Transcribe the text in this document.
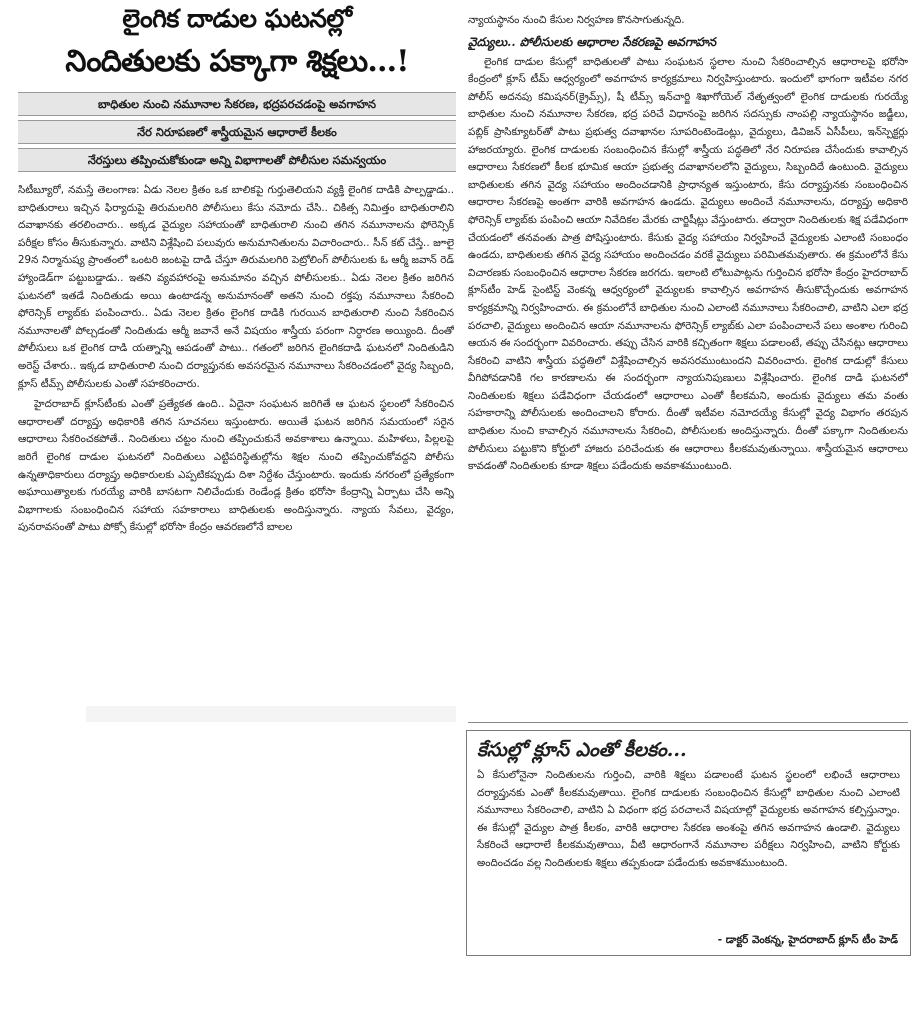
లైంగిక దాడుల ఘటనల్లో
నిందితులకు పక్కాగా శిక్షలు...!
బాధితుల నుంచి నమూనాల సేకరణ, భద్రపరచడంపై అవగాహన
నేర నిరూపణలో శాస్త్రీయమైన ఆధారాలే కీలకం
నేరస్తులు తప్పించుకోకుండా అన్ని విభాగాలతో పోలీసుల సమన్వయం

సిటీబ్యూరో, నమస్తే తెలంగాణ: ఏడు నెలల క్రితం ఒక బాలికపై గుర్తుతెలియని వ్యక్తి లైంగిక దాడికి పాల్పడ్డాడు.. బాధితురాలు ఇచ్చిన ఫిర్యాదుపై తిరుమలగిరి పోలీసులు కేసు నమోదు చేసి.. చికిత్స నిమిత్తం బాధితురాలిని దవాఖానకు తరలించారు.. అక్కడ వైద్యుల సహాయంతో బాధితురాలి నుంచి తగిన నమూనాలను ఫోరెన్సిక్ పరీక్షల కోసం తీసుకున్నారు. వాటిని విశ్లేషించి పలువురు అనుమానితులను విచారించారు.. సీన్ కట్ చేస్తే.. జూలై 29న నిర్మానుష్య ప్రాంతంలో ఒంటరి జంటపై దాడి చేస్తూ తిరుమలగిరి పెట్రోలింగ్ పోలీసులకు ఓ ఆర్మీ జవాన్ రెడ్ హ్యాండెడ్‌గా పట్టుబడ్డాడు.. ఇతని వ్యవహారంపై అనుమానం వచ్చిన పోలీసులకు.. ఏడు నెలల క్రితం జరిగిన ఘటనలో ఇతడే నిందితుడు అయి ఉంటాడన్న అనుమానంతో అతని నుంచి రక్తపు నమూనాలు సేకరించి ఫోరెన్సిక్ ల్యాబ్‌కు పంపించారు.. ఏడు నెలల క్రితం లైంగిక దాడికి గురయిన బాధితురాలి నుంచి సేకరించిన నమూనాలతో పోల్చడంతో నిందితుడు ఆర్మీ జవానే అనే విషయం శాస్త్రీయ పరంగా నిర్ధారణ అయ్యింది. దీంతో పోలీసులు ఒక లైంగిక దాడి యత్నాన్ని ఆపడంతో పాటు.. గతంలో జరిగిన లైంగికదాడి ఘటనలో నిందితుడిని అరెస్ట్ చేశారు.. ఇక్కడ బాధితురాలి నుంచి దర్యాప్తునకు అవసరమైన నమూనాలు సేకరించడంలో వైద్య సిబ్బంది, క్లూస్ టీమ్స్ పోలీసులకు ఎంతో సహకరించారు.

హైదరాబాద్ క్లూస్‌టీంకు ఎంతో ప్రత్యేకత ఉంది.. ఏదైనా సంఘటన జరిగితే ఆ ఘటన స్థలంలో సేకరించిన ఆధారాలతో దర్యాప్తు అధికారికి తగిన సూచనలు ఇస్తుంటారు. అయితే ఘటన జరిగిన సమయంలో సరైన ఆధారాలు సేకరించకపోతే.. నిందితులు చట్టం నుంచి తప్పించుకునే అవకాశాలు ఉన్నాయి. మహిళలు, పిల్లలపై జరిగే లైంగిక దాడుల ఘటనలో నిందితులు ఎట్టిపరిస్థితుల్లోను శిక్షల నుంచి తప్పించుకోవద్దని పోలీసు ఉన్నతాధికారులు దర్యాప్తు అధికారులకు ఎప్పటికప్పుడు దిశా నిర్దేశం చేస్తుంటారు. ఇందుకు నగరంలో ప్రత్యేకంగా అఘాయిత్యాలకు గురయ్యే వారికి బాసటగా నిలిచేందుకు రెండేండ్ల క్రితం భరోసా కేంద్రాన్ని ఏర్పాటు చేసి అన్ని విభాగాలకు సంబంధించిన సహాయ సహకారాలు బాధితులకు అందిస్తున్నారు. న్యాయ సేవలు, వైద్యం, పునరావసంతో పాటు పోక్సో కేసుల్లో భరోసా కేంద్రం ఆవరణలోనే బాలల

న్యాయస్థానం నుంచి కేసుల నిర్వహణ కొనసాగుతున్నది.

వైద్యులు.. పోలీసులకు ఆధారాల సేకరణపై అవగాహన

లైంగిక దాడుల కేసుల్లో బాధితులతో పాటు సంఘటన స్థలాల నుంచి సేకరించాల్సిన ఆధారాలపై భరోసా కేంద్రంలో క్లూస్ టీమ్ ఆధ్వర్యంలో అవగాహన కార్యక్రమాలు నిర్వహిస్తుంటారు. ఇందులో భాగంగా ఇటీవల నగర పోలీస్ అదనపు కమిషనర్(క్రైమ్స్), షీ టీమ్స్ ఇన్‌చార్జి శిఖాగోయెల్ నేతృత్వంలో లైంగిక దాడులకు గురయ్యే బాధితుల నుంచి నమూనాల సేకరణ, భద్ర పరిచే విధానంపై జరిగిన సదస్సుకు నాంపల్లి న్యాయస్థానం జడ్జీలు, పబ్లిక్ ప్రాసిక్యూటర్‌తో పాటు ప్రభుత్వ దవాఖానల సూపరింటెండెంట్లు, వైద్యులు, డివిజన్ ఏసీపీలు, ఇన్‌స్పెక్టర్లు హాజరయ్యారు. లైంగిక దాడులకు సంబంధించిన కేసుల్లో శాస్త్రీయ పద్ధతిలో నేర నిరూపణ చేసేందుకు కావాల్సిన ఆధారాలు సేకరణలో కీలక భూమిక ఆయా ప్రభుత్వ దవాఖానలలోని వైద్యులు, సిబ్బందిదే ఉంటుంది. వైద్యులు బాధితులకు తగిన వైద్య సహాయం అందించడానికి ప్రాధాన్యత ఇస్తుంటారు, కేసు దర్యాప్తునకు సంబంధించిన ఆధారాల సేకరణపై అంతగా వారికి అవగాహన ఉండదు. వైద్యులు అందించే నమూనాలను, దర్యాప్తు అధికారి ఫోరెన్సిక్ ల్యాబ్‌కు పంపించి ఆయా నివేదికల మేరకు చార్జిషీట్లు వేస్తుంటారు. తద్వారా నిందితులకు శిక్ష పడేవిధంగా చేయడంలో తనవంతు పాత్ర పోషిస్తుంటారు. కేసుకు వైద్య సహాయం నిర్వహించే వైద్యులకు ఎలాంటి సంబంధం ఉండదు, బాధితులకు తగిన వైద్య సహాయం అందించడం వరకే వైద్యులు పరిమితమవుతారు. ఈ క్రమంలోనే కేసు విచారణకు సంబంధించిన ఆధారాల సేకరణ జరగదు. ఇలాంటి లోటుపాట్లను గుర్తించిన భరోసా కేంద్రం హైదరాబాద్ క్లూస్‌టీం హెడ్ సైంటిస్ట్ వెంకన్న ఆధ్వర్యంలో వైద్యులకు కావాల్సిన అవగాహన తీసుకొచ్చేందుకు అవగాహన కార్యక్రమాన్ని నిర్వహించారు. ఈ క్రమంలోనే బాధితుల నుంచి ఎలాంటి నమూనాలు సేకరించాలి, వాటిని ఎలా భద్ర పరచాలి, వైద్యులు అందించిన ఆయా నమూనాలను ఫోరెన్సిక్ ల్యాబ్‌కు ఎలా పంపించాలనే పలు అంశాల గురించి ఆయన ఈ సందర్భంగా వివరించారు. తప్పు చేసిన వారికి కచ్చితంగా శిక్షలు పడాలంటే, తప్పు చేసినట్లు ఆధారాలు సేకరించి వాటిని శాస్త్రీయ పద్ధతిలో విశ్లేషించాల్సిన అవసరముంటుందని వివరించారు. లైంగిక దాడుల్లో కేసులు వీగిపోవడానికి గల కారణాలను ఈ సందర్భంగా న్యాయనిపుణులు విశ్లేషించారు. లైంగిక దాడి ఘటనలో నిందితులకు శిక్షలు పడేవిధంగా చేయడంలో ఆధారాలు ఎంతో కీలకమని, అందుకు వైద్యులు తమ వంతు సహకారాన్ని పోలీసులకు అందించాలని కోరారు. దీంతో ఇటీవల నమోదయ్యే కేసుల్లో వైద్య విభాగం తరపున బాధితుల నుంచి కావాల్సిన నమూనాలను సేకరించి, పోలీసులకు అందిస్తున్నారు. దీంతో పక్కాగా నిందితులను పోలీసులు పట్టుకొని కోర్టులో హాజరు పరిచేందుకు ఈ ఆధారాలు కీలకమవుతున్నాయి. శాస్త్రీయమైన ఆధారాలు కావడంతో నిందితులకు కూడా శిక్షలు పడేందుకు అవకాశముంటుంది.

కేసుల్లో క్లూస్ ఎంతో కీలకం...
ఏ కేసులోనైనా నిందితులను గుర్తించి, వారికి శిక్షలు పడాలంటే ఘటన స్థలంలో లభించే ఆధారాలు దర్యాప్తునకు ఎంతో కీలకమవుతాయి. లైంగిక దాడులకు సంబంధించిన కేసుల్లో బాధితుల నుంచి ఎలాంటి నమూనాలు సేకరించాలి, వాటిని ఏ విధంగా భద్ర పరచాలనే విషయాల్లో వైద్యులకు అవగాహన కల్పిస్తున్నాం. ఈ కేసుల్లో వైద్యుల పాత్ర కీలకం, వారికి ఆధారాల సేకరణ అంశంపై తగిన అవగాహన ఉండాలి. వైద్యులు సేకరించే ఆధారాలే కీలకమవుతాయి, వీటి ఆధారంగానే నమూనాల పరీక్షలు నిర్వహించి, వాటిని కోర్టుకు అందించడం వల్ల నిందితులకు శిక్షలు తప్పకుండా పడేందుకు అవకాశముంటుంది.
- డాక్టర్ వెంకన్న, హైదరాబాద్ క్లూస్ టీం హెడ్
